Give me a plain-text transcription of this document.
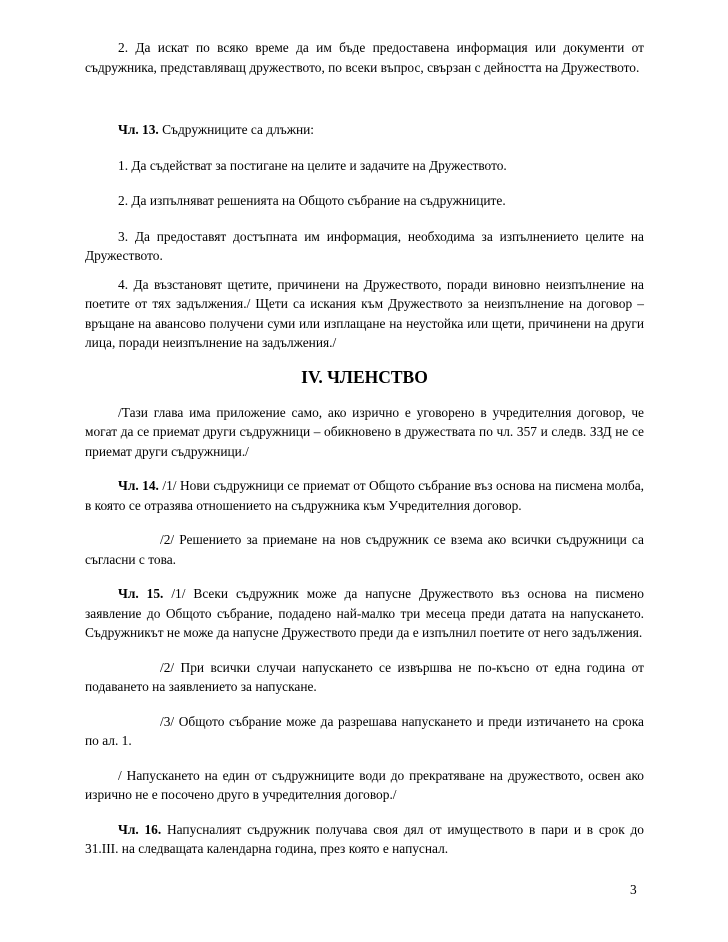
2. Да искат по всяко време да им бъде предоставена информация или документи от съдружника, представляващ дружеството, по всеки въпрос, свързан с дейността на Дружеството.

Чл. 13. Съдружниците са длъжни:

1. Да съдействат за постигане на целите и задачите на Дружеството.

2. Да изпълняват решенията на Общото събрание на съдружниците.

3. Да предоставят достъпната им информация, необходима за изпълнението целите на Дружеството.

4. Да възстановят щетите, причинени на Дружеството, поради виновно неизпълнение на поетите от тях задължения./ Щети са искания към Дружеството за неизпълнение на договор – връщане на авансово получени суми или изплащане на неустойка или щети, причинени на други лица, поради неизпълнение на задължения./

IV. ЧЛЕНСТВО

/Тази глава има приложение само, ако изрично е уговорено в учредителния договор, че могат да се приемат други съдружници – обикновено в дружествата по чл. 357 и следв. ЗЗД не се приемат други съдружници./

Чл. 14. /1/ Нови съдружници се приемат от Общото събрание въз основа на писмена молба, в която се отразява отношението на съдружника към Учредителния договор.

/2/ Решението за приемане на нов съдружник се взема ако всички съдружници са съгласни с това.

Чл. 15. /1/ Всеки съдружник може да напусне Дружеството въз основа на писмено заявление до Общото събрание, подадено най-малко три месеца преди датата на напускането. Съдружникът не може да напусне Дружеството преди да е изпълнил поетите от него задължения.

/2/ При всички случаи напускането се извършва не по-късно от една година от подаването на заявлението за напускане.

/3/ Общото събрание може да разрешава напускането и преди изтичането на срока по ал. 1.

/ Напускането на един от съдружниците води до прекратяване на дружеството, освен ако изрично не е посочено друго в учредителния договор./

Чл. 16. Напусналият съдружник получава своя дял от имуществото в пари и в срок до 31.III. на следващата календарна година, през която е напуснал.

3
